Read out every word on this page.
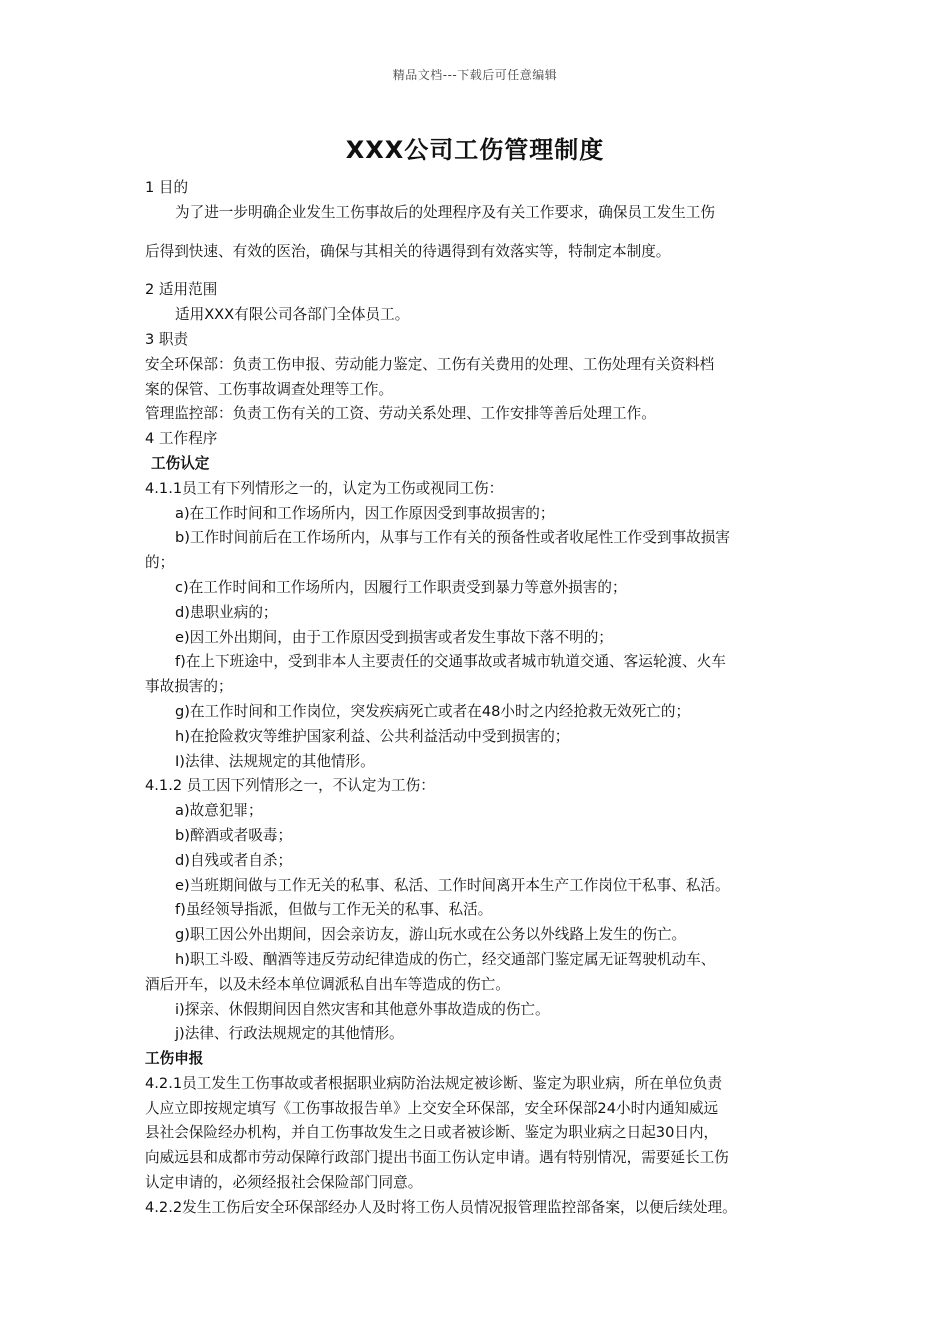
精品文档---下载后可任意编辑
XXX公司工伤管理制度

1 目的

为了进一步明确企业发生工伤事故后的处理程序及有关工作要求，确保员工发生工伤

后得到快速、有效的医治，确保与其相关的待遇得到有效落实等，特制定本制度。

2 适用范围

适用XXX有限公司各部门全体员工。

3 职责

安全环保部：负责工伤申报、劳动能力鉴定、工伤有关费用的处理、工伤处理有关资料档

案的保管、工伤事故调查处理等工作。

管理监控部：负责工伤有关的工资、劳动关系处理、工作安排等善后处理工作。

4 工作程序

工伤认定

4.1.1员工有下列情形之一的，认定为工伤或视同工伤：

a)在工作时间和工作场所内，因工作原因受到事故损害的；

b)工作时间前后在工作场所内，从事与工作有关的预备性或者收尾性工作受到事故损害

的；

c)在工作时间和工作场所内，因履行工作职责受到暴力等意外损害的；

d)患职业病的；

e)因工外出期间，由于工作原因受到损害或者发生事故下落不明的；

f)在上下班途中，受到非本人主要责任的交通事故或者城市轨道交通、客运轮渡、火车

事故损害的；

g)在工作时间和工作岗位，突发疾病死亡或者在48小时之内经抢救无效死亡的；

h)在抢险救灾等维护国家利益、公共利益活动中受到损害的；

I)法律、法规规定的其他情形。

4.1.2 员工因下列情形之一，不认定为工伤：

a)故意犯罪；

b)醉酒或者吸毒；

d)自残或者自杀；

e)当班期间做与工作无关的私事、私活、工作时间离开本生产工作岗位干私事、私活。

f)虽经领导指派，但做与工作无关的私事、私活。

g)职工因公外出期间，因会亲访友，游山玩水或在公务以外线路上发生的伤亡。

h)职工斗殴、酗酒等违反劳动纪律造成的伤亡，经交通部门鉴定属无证驾驶机动车、

酒后开车，以及未经本单位调派私自出车等造成的伤亡。

i)探亲、休假期间因自然灾害和其他意外事故造成的伤亡。

j)法律、行政法规规定的其他情形。

工伤申报

4.2.1员工发生工伤事故或者根据职业病防治法规定被诊断、鉴定为职业病，所在单位负责

人应立即按规定填写《工伤事故报告单》上交安全环保部，安全环保部24小时内通知威远

县社会保险经办机构，并自工伤事故发生之日或者被诊断、鉴定为职业病之日起30日内，

向威远县和成都市劳动保障行政部门提出书面工伤认定申请。遇有特别情况，需要延长工伤

认定申请的，必须经报社会保险部门同意。

4.2.2发生工伤后安全环保部经办人及时将工伤人员情况报管理监控部备案，以便后续处理。
